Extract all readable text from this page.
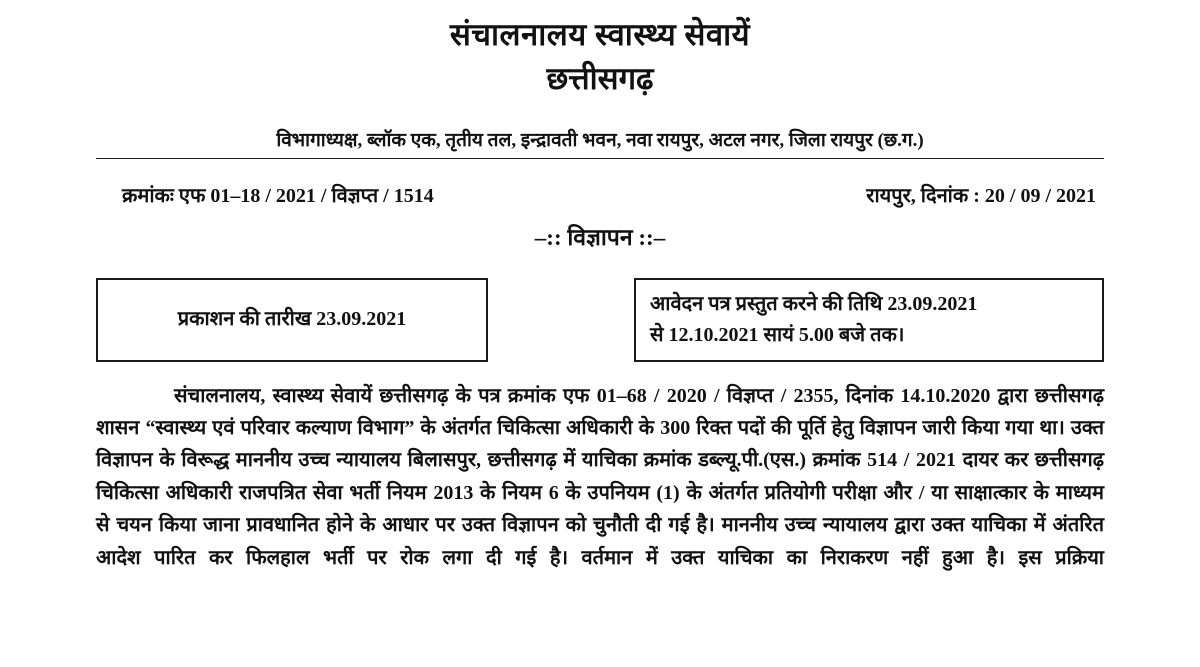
संचालनालय स्वास्थ्य सेवायें
छत्तीसगढ़
विभागाध्यक्ष, ब्लॉक एक, तृतीय तल, इन्द्रावती भवन, नवा रायपुर, अटल नगर, जिला रायपुर (छ.ग.)
क्रमांकः एफ 01–18 / 2021 / विज्ञप्त / 1514	रायपुर, दिनांक : 20 / 09 / 2021
–:: विज्ञापन ::–
प्रकाशन की तारीख 23.09.2021
आवेदन पत्र प्रस्तुत करने की तिथि 23.09.2021
से 12.10.2021 सायं 5.00 बजे तक।
संचालनालय, स्वास्थ्य सेवायें छत्तीसगढ़ के पत्र क्रमांक एफ 01–68 / 2020 / विज्ञप्त / 2355, दिनांक 14.10.2020 द्वारा छत्तीसगढ़ शासन “स्वास्थ्य एवं परिवार कल्याण विभाग” के अंतर्गत चिकित्सा अधिकारी के 300 रिक्त पदों की पूर्ति हेतु विज्ञापन जारी किया गया था। उक्त विज्ञापन के विरूद्ध माननीय उच्च न्यायालय बिलासपुर, छत्तीसगढ़ में याचिका क्रमांक डब्ल्यू.पी.(एस.) क्रमांक 514 / 2021 दायर कर छत्तीसगढ़ चिकित्सा अधिकारी राजपत्रित सेवा भर्ती नियम 2013 के नियम 6 के उपनियम (1) के अंतर्गत प्रतियोगी परीक्षा और / या साक्षात्कार के माध्यम से चयन किया जाना प्रावधानित होने के आधार पर उक्त विज्ञापन को चुनौती दी गई है। माननीय उच्च न्यायालय द्वारा उक्त याचिका में अंतरित आदेश पारित कर फिलहाल भर्ती पर रोक लगा दी गई है। वर्तमान में उक्त याचिका का निराकरण नहीं हुआ है। इस प्रक्रिया
